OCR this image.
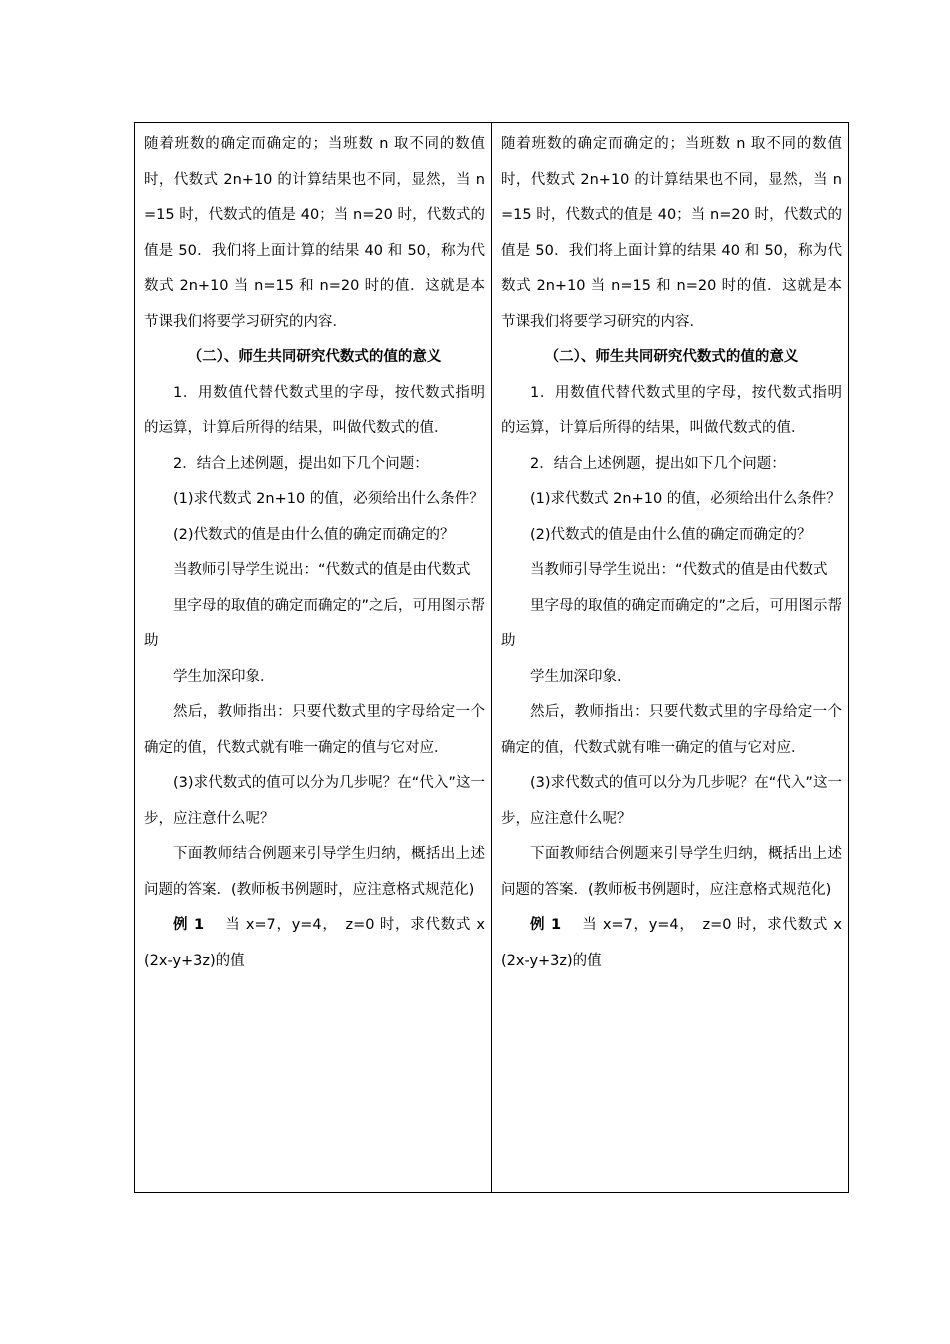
随着班数的确定而确定的；当班数 n 取不同的数值时，代数式 2n+10 的计算结果也不同，显然，当 n=15 时，代数式的值是 40；当 n=20 时，代数式的值是 50．我们将上面计算的结果 40 和 50，称为代数式 2n+10 当 n=15 和 n=20 时的值．这就是本节课我们将要学习研究的内容．

（二）、师生共同研究代数式的值的意义

1．用数值代替代数式里的字母，按代数式指明的运算，计算后所得的结果，叫做代数式的值．

2．结合上述例题，提出如下几个问题：

(1)求代数式 2n+10 的值，必须给出什么条件？

(2)代数式的值是由什么值的确定而确定的？

当教师引导学生说出：“代数式的值是由代数式

里字母的取值的确定而确定的”之后，可用图示帮助

学生加深印象．

然后，教师指出：只要代数式里的字母给定一个确定的值，代数式就有唯一确定的值与它对应．

(3)求代数式的值可以分为几步呢？在“代入”这一步，应注意什么呢？

下面教师结合例题来引导学生归纳，概括出上述问题的答案．(教师板书例题时，应注意格式规范化)

例 1　 当 x=7，y=4，　z=0 时，求代数式 x(2x-y+3z)的值

随着班数的确定而确定的；当班数 n 取不同的数值时，代数式 2n+10 的计算结果也不同，显然，当 n=15 时，代数式的值是 40；当 n=20 时，代数式的值是 50．我们将上面计算的结果 40 和 50，称为代数式 2n+10 当 n=15 和 n=20 时的值．这就是本节课我们将要学习研究的内容．

（二）、师生共同研究代数式的值的意义

1．用数值代替代数式里的字母，按代数式指明的运算，计算后所得的结果，叫做代数式的值．

2．结合上述例题，提出如下几个问题：

(1)求代数式 2n+10 的值，必须给出什么条件？

(2)代数式的值是由什么值的确定而确定的？

当教师引导学生说出：“代数式的值是由代数式

里字母的取值的确定而确定的”之后，可用图示帮助

学生加深印象．

然后，教师指出：只要代数式里的字母给定一个确定的值，代数式就有唯一确定的值与它对应．

(3)求代数式的值可以分为几步呢？在“代入”这一步，应注意什么呢？

下面教师结合例题来引导学生归纳，概括出上述问题的答案．(教师板书例题时，应注意格式规范化)

例 1　 当 x=7，y=4，　z=0 时，求代数式 x(2x-y+3z)的值
